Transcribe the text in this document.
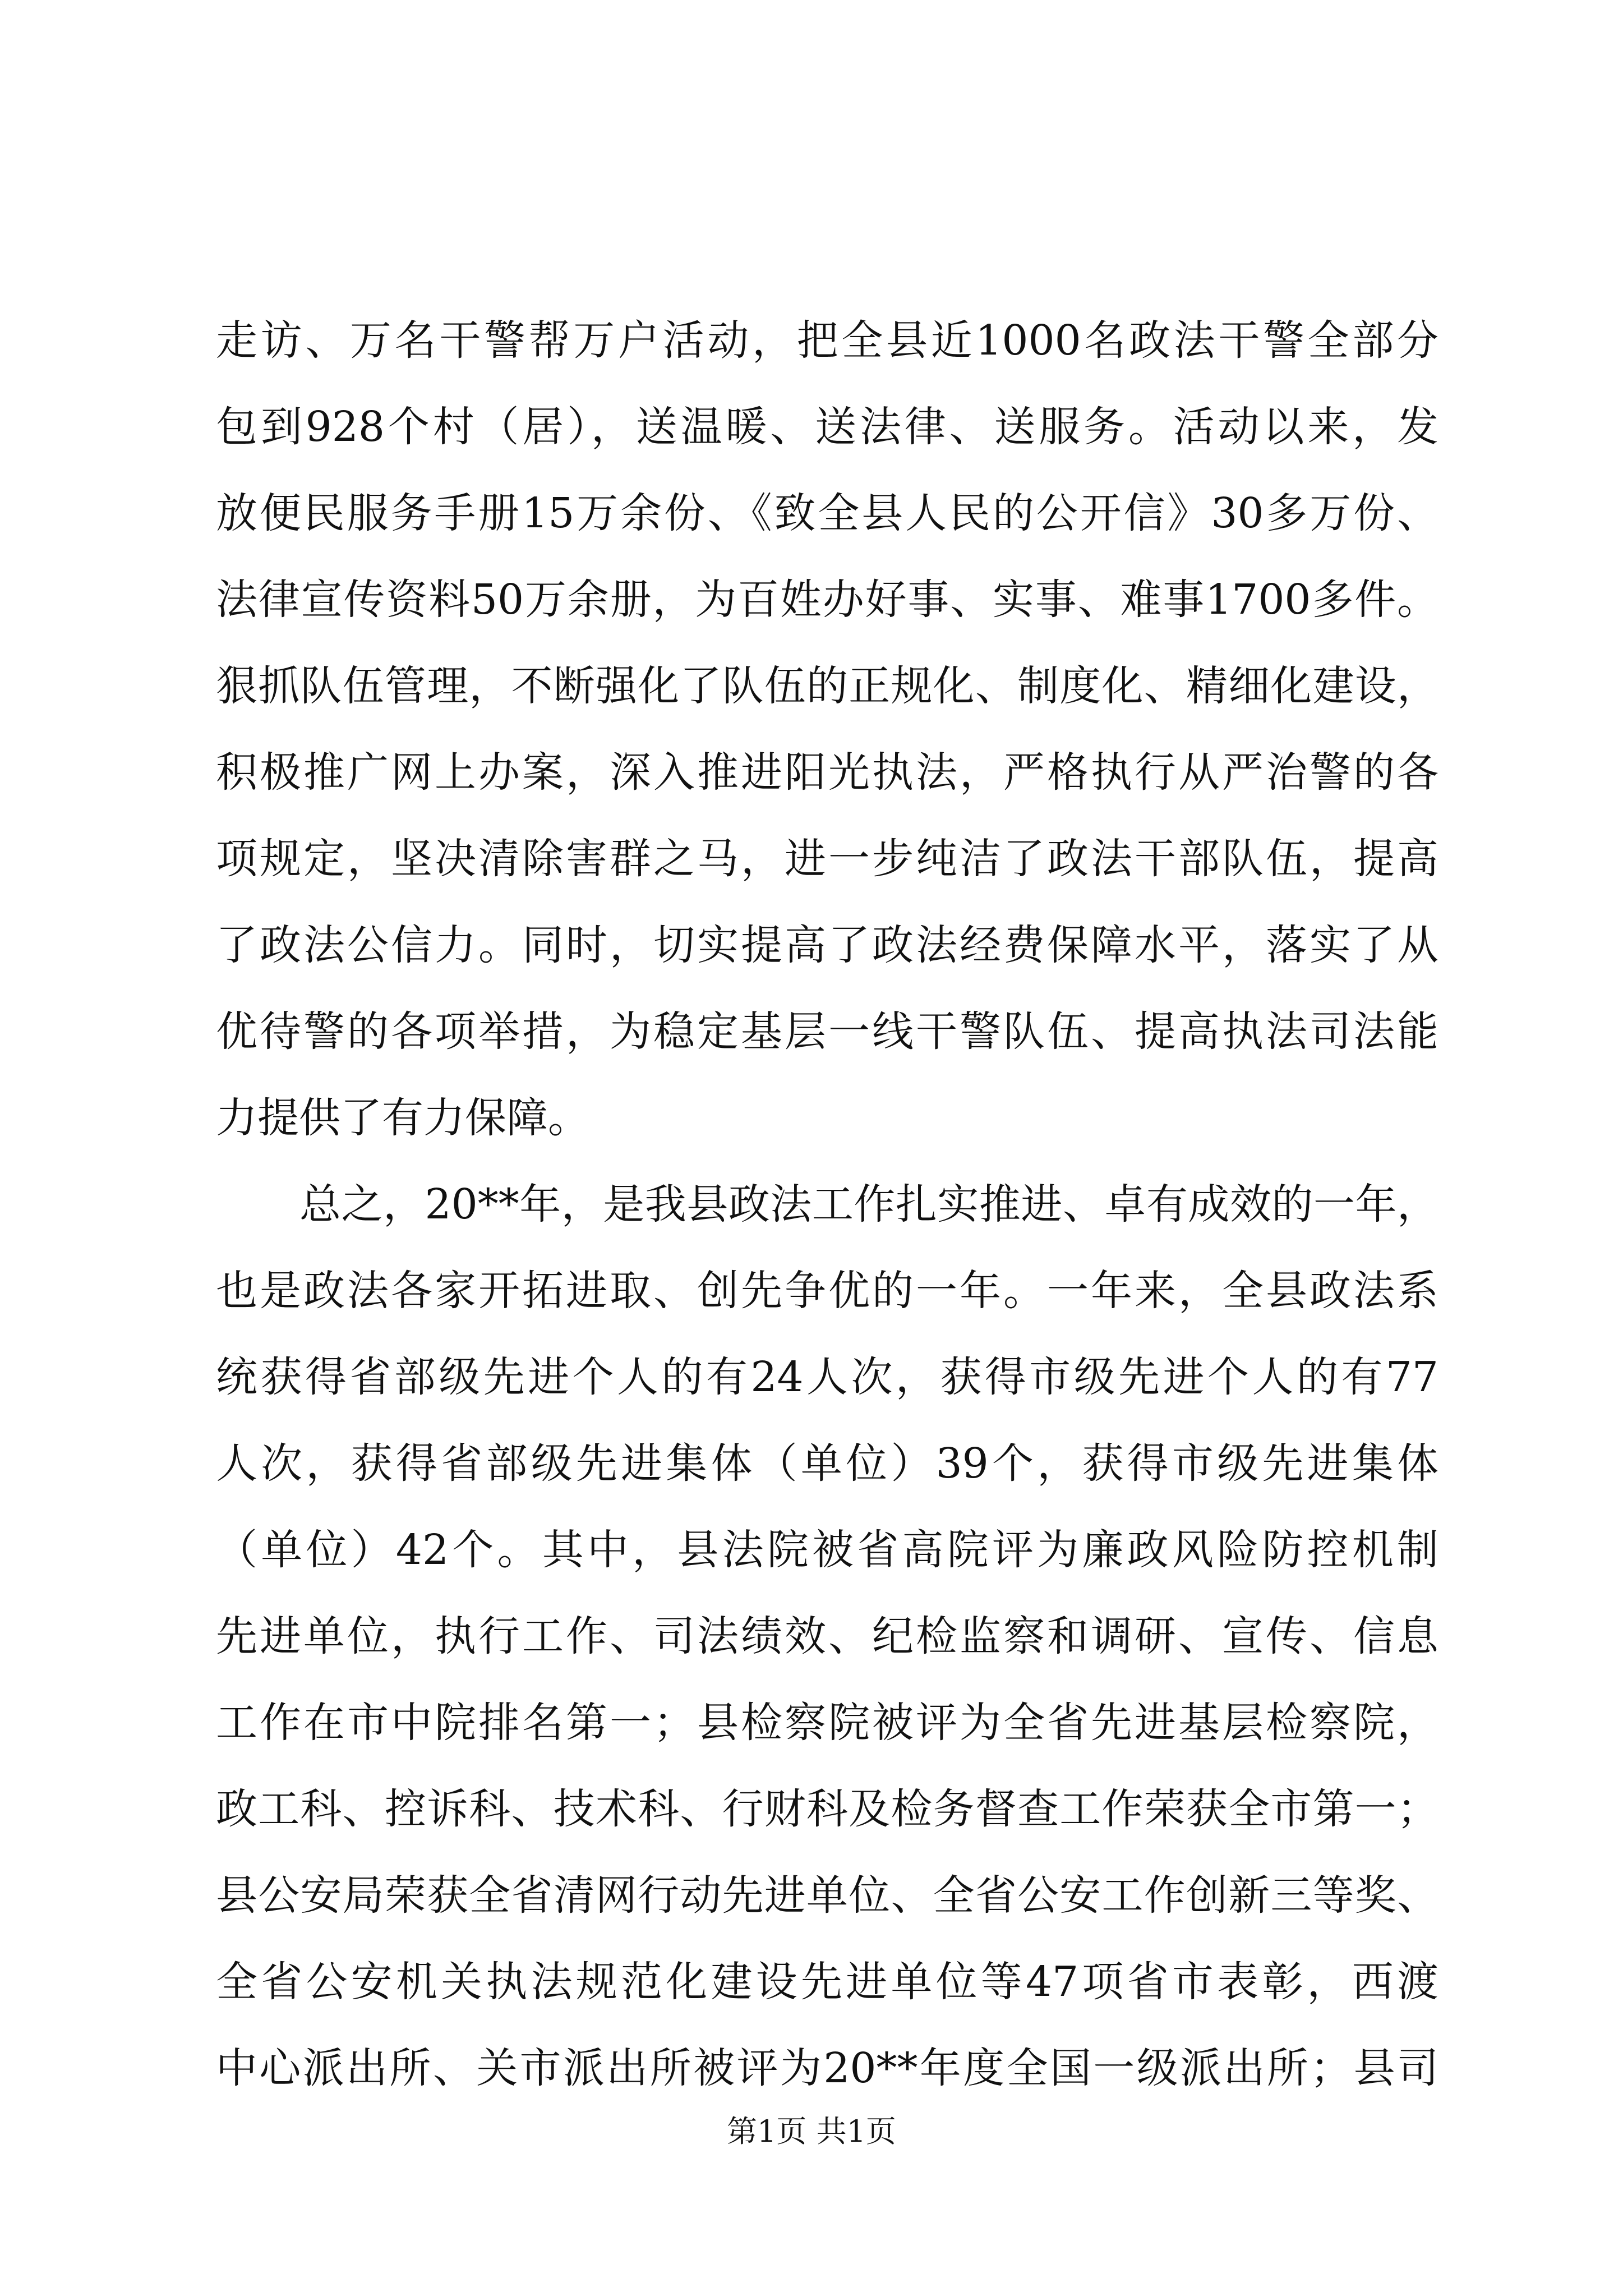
走访、万名干警帮万户活动，把全县近1000名政法干警全部分
包到928个村（居），送温暖、送法律、送服务。活动以来，发
放便民服务手册15万余份、《致全县人民的公开信》30多万份、
法律宣传资料50万余册，为百姓办好事、实事、难事1700多件。
狠抓队伍管理，不断强化了队伍的正规化、制度化、精细化建设，
积极推广网上办案，深入推进阳光执法，严格执行从严治警的各
项规定，坚决清除害群之马，进一步纯洁了政法干部队伍，提高
了政法公信力。同时，切实提高了政法经费保障水平，落实了从
优待警的各项举措，为稳定基层一线干警队伍、提高执法司法能
力提供了有力保障。
　　总之，20**年，是我县政法工作扎实推进、卓有成效的一年，
也是政法各家开拓进取、创先争优的一年。一年来，全县政法系
统获得省部级先进个人的有24人次，获得市级先进个人的有77
人次，获得省部级先进集体（单位）39个，获得市级先进集体
（单位）42个。其中，县法院被省高院评为廉政风险防控机制
先进单位，执行工作、司法绩效、纪检监察和调研、宣传、信息
工作在市中院排名第一；县检察院被评为全省先进基层检察院，
政工科、控诉科、技术科、行财科及检务督查工作荣获全市第一；
县公安局荣获全省清网行动先进单位、全省公安工作创新三等奖、
全省公安机关执法规范化建设先进单位等47项省市表彰，西渡
中心派出所、关市派出所被评为20**年度全国一级派出所；县司
第1页 共1页
